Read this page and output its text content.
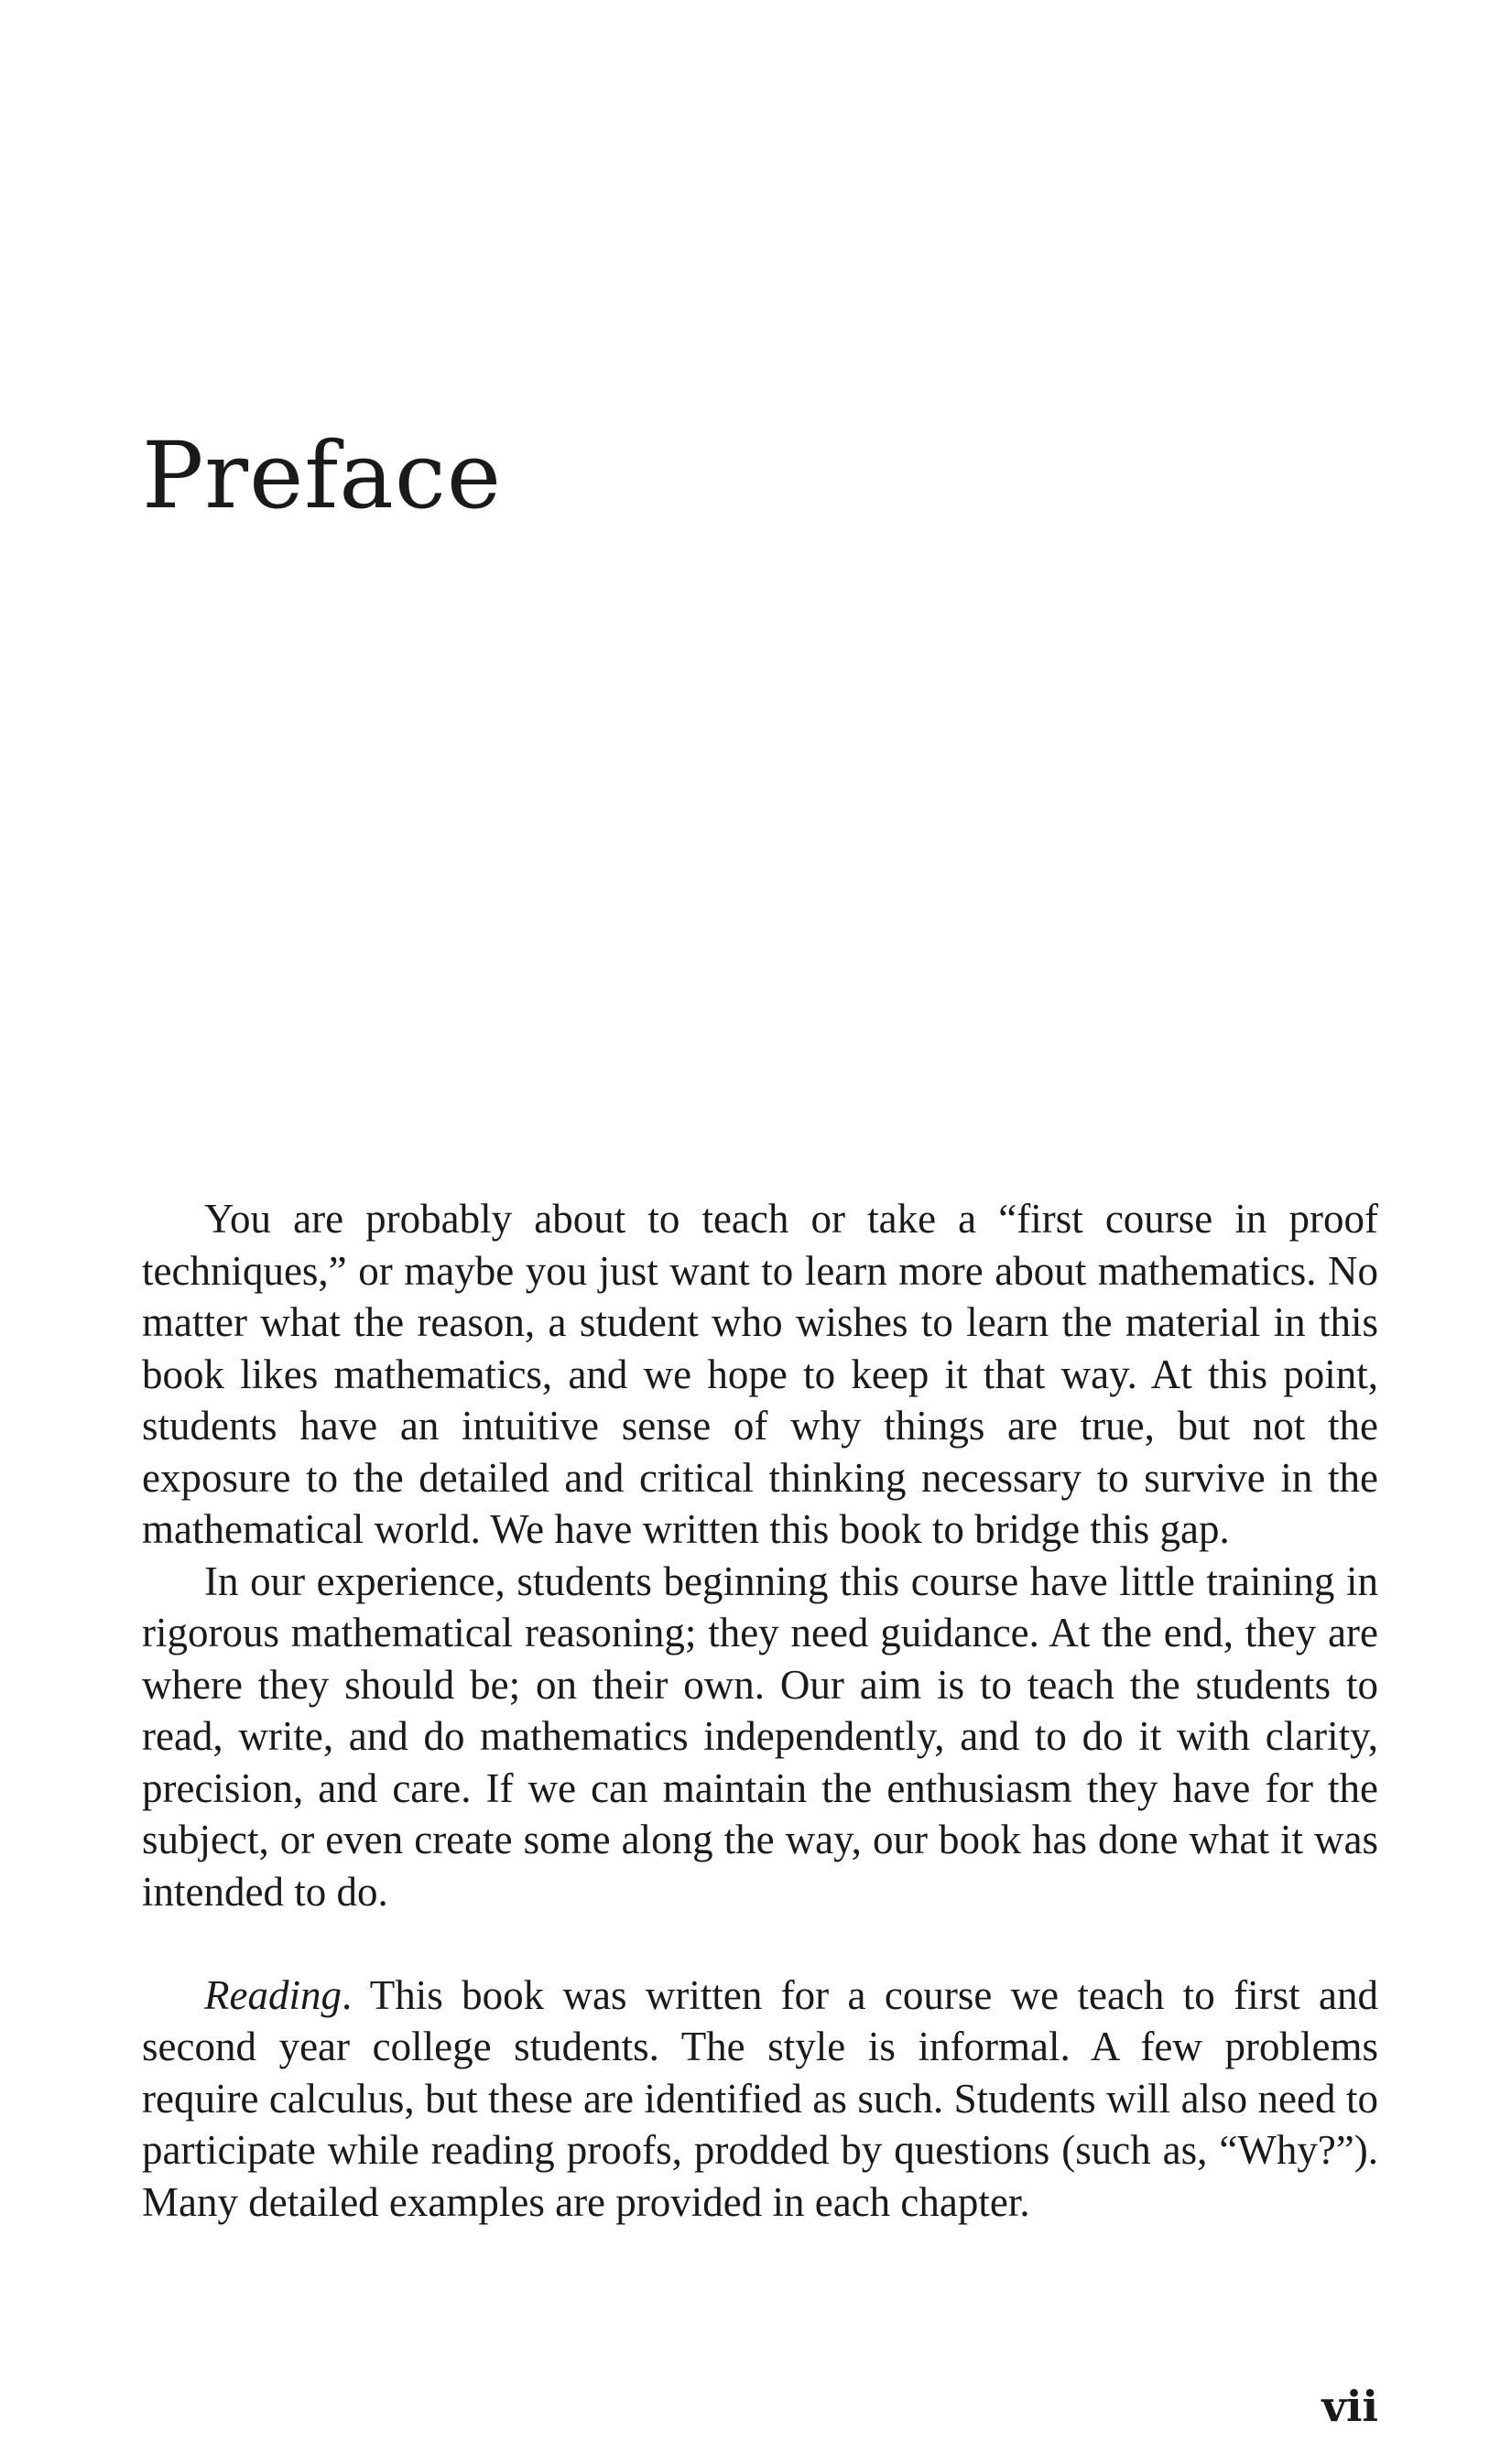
Preface

You are probably about to teach or take a “first course in proof techniques,” or maybe you just want to learn more about mathematics. No matter what the reason, a student who wishes to learn the material in this book likes mathematics, and we hope to keep it that way. At this point, students have an intuitive sense of why things are true, but not the exposure to the detailed and critical thinking necessary to survive in the mathematical world. We have written this book to bridge this gap.

In our experience, students beginning this course have little training in rigorous mathematical reasoning; they need guidance. At the end, they are where they should be; on their own. Our aim is to teach the students to read, write, and do mathematics independently, and to do it with clarity, precision, and care. If we can maintain the enthusiasm they have for the subject, or even create some along the way, our book has done what it was intended to do.

Reading. This book was written for a course we teach to first and second year college students. The style is informal. A few problems require calculus, but these are identified as such. Students will also need to participate while reading proofs, prodded by questions (such as, “Why?”). Many detailed examples are provided in each chapter.

vii
